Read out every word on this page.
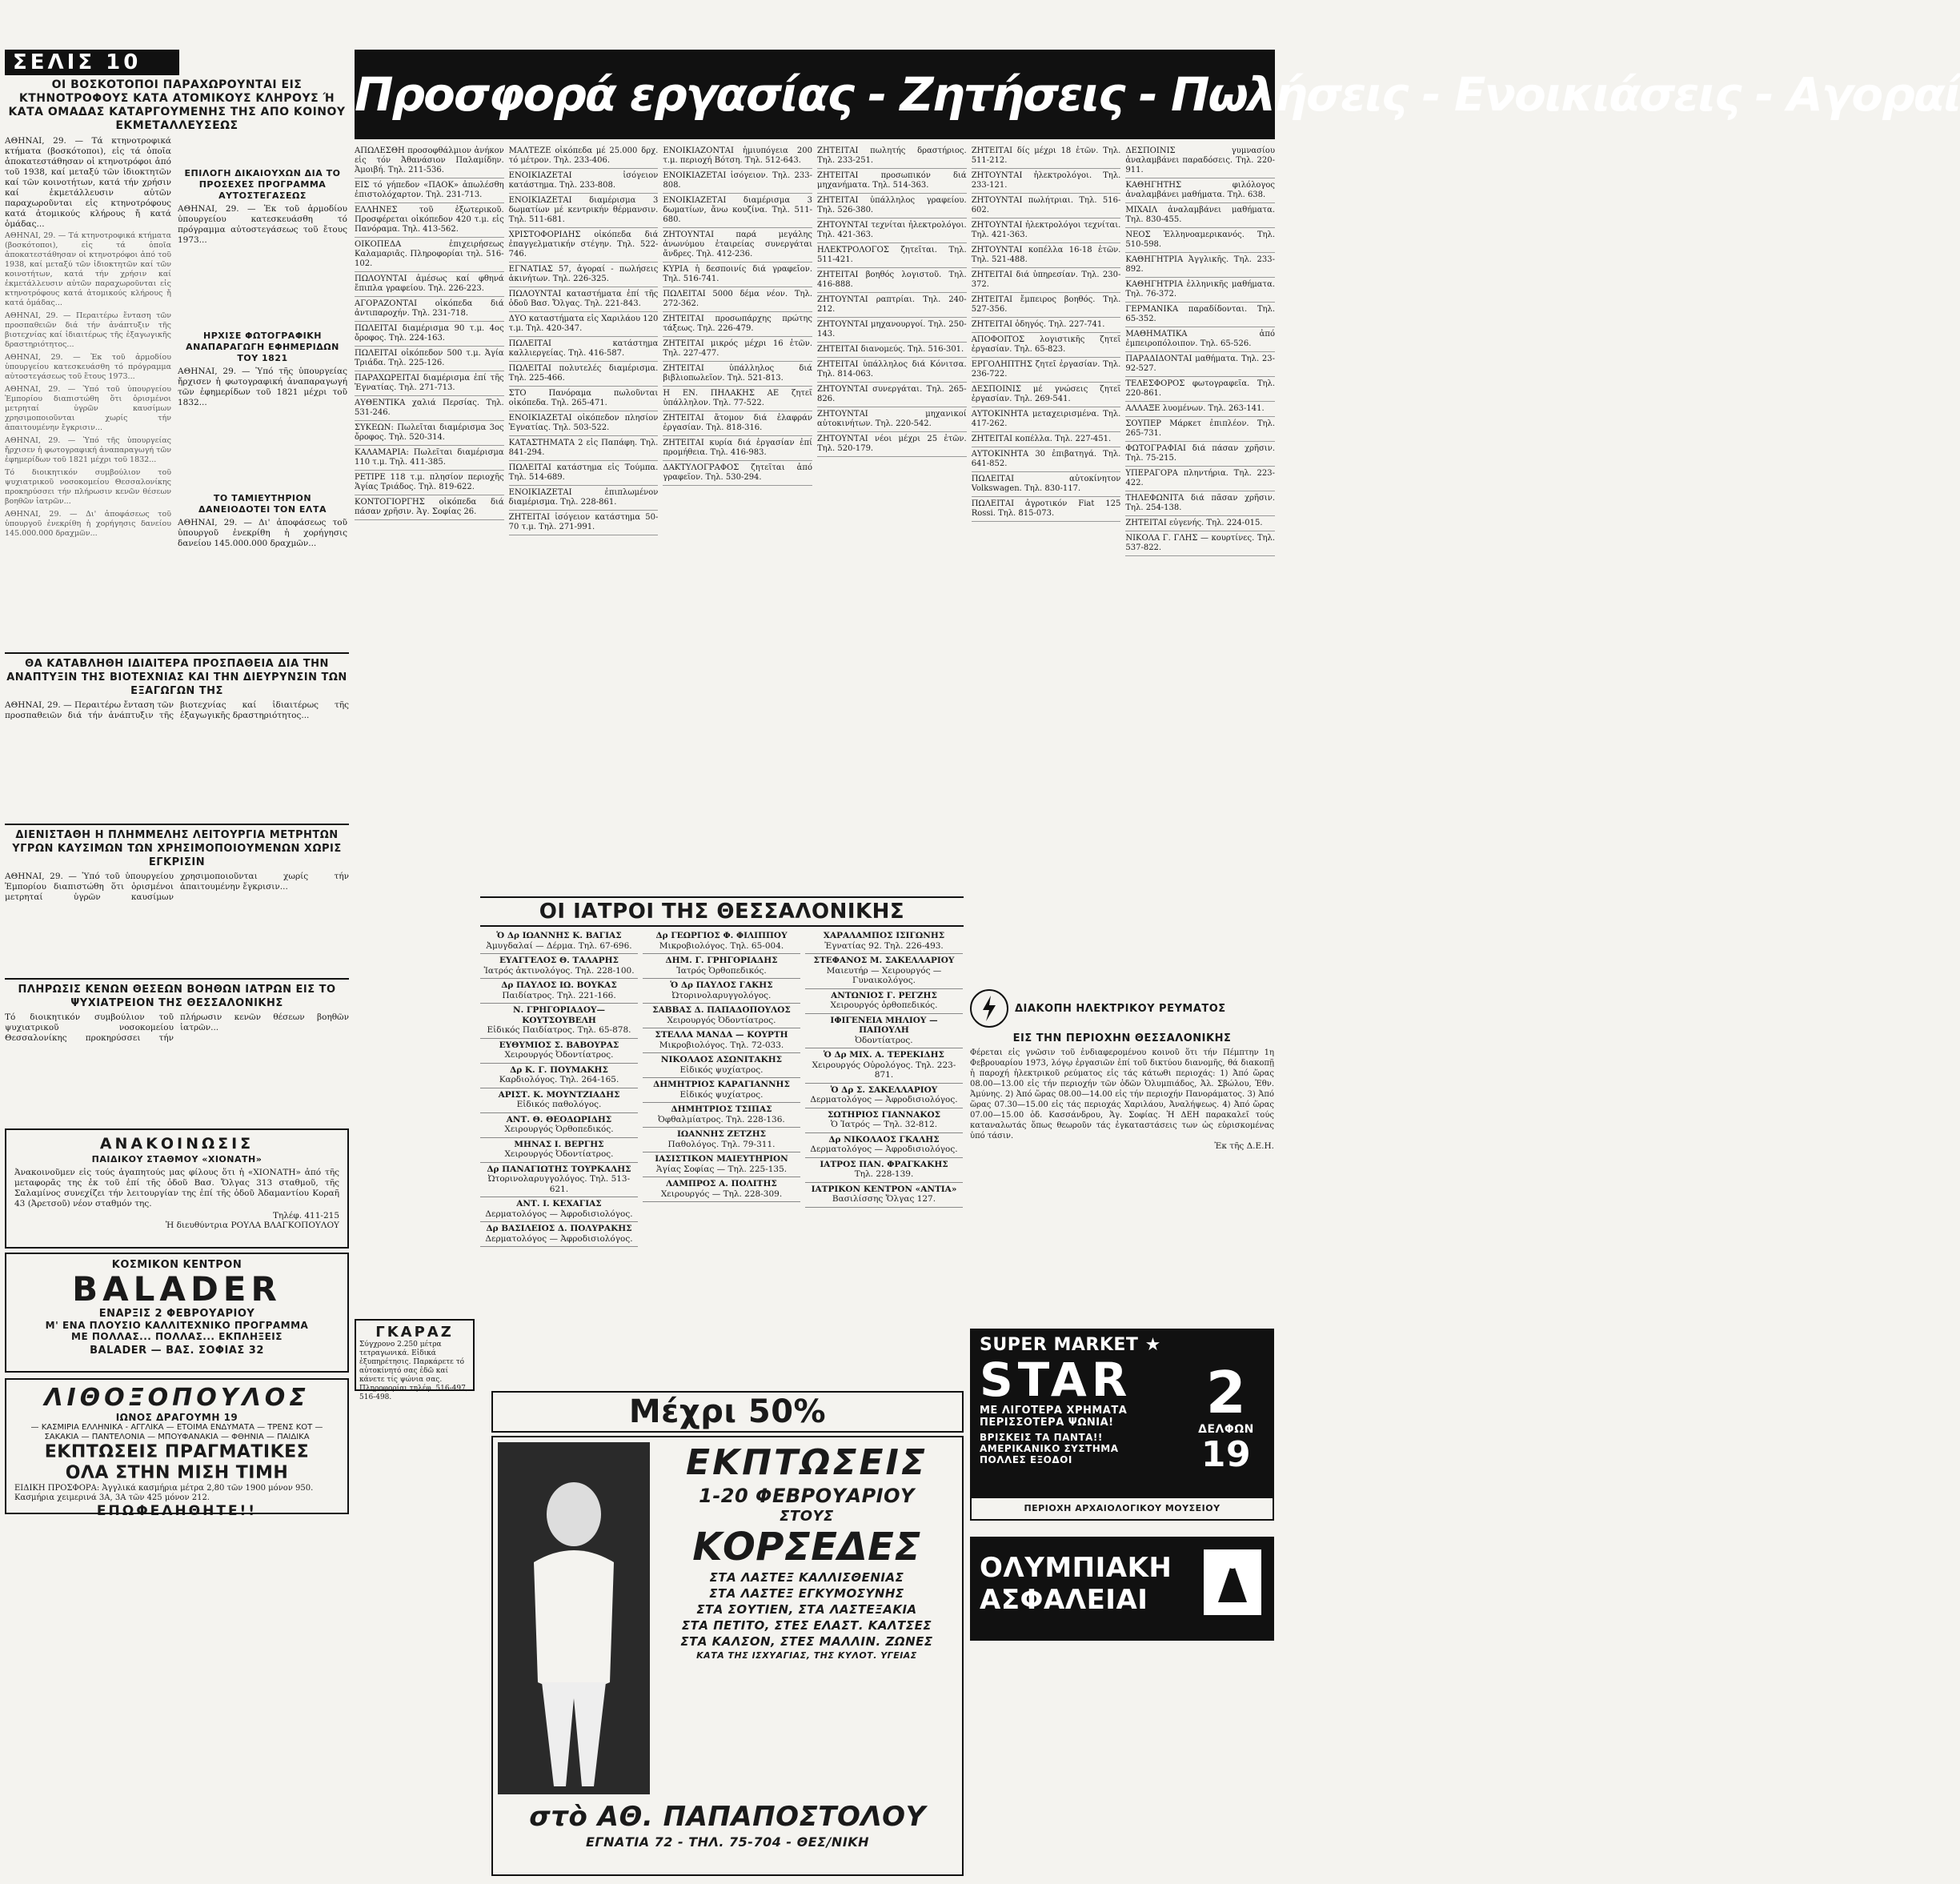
ΣΕΛΙΣ 10
Προσφορά εργασίας - Ζητήσεις - Πωλήσεις - Ενοικιάσεις - Αγοραί
ΟΙ ΒΟΣΚΟΤΟΠΟΙ ΠΑΡΑΧΩΡΟΥΝΤΑΙ ΕΙΣ ΚΤΗΝΟΤΡΟΦΟΥΣ ΚΑΤΑ ΑΤΟΜΙΚΟΥΣ ΚΛΗΡΟΥΣ Ή ΚΑΤΑ ΟΜΑΔΑΣ ΚΑΤΑΡΓΟΥΜΕΝΗΣ ΤΗΣ ΑΠΟ ΚΟΙΝΟΥ ΕΚΜΕΤΑΛΛΕΥΣΕΩΣ
ΑΘΗΝΑΙ, 29. — Τά κτηνοτροφικά κτήματα (βοσκότοποι), εἰς τά ὁποῖα ἀποκατεστάθησαν οἱ κτηνοτρόφοι ἀπό τοῦ 1938, καί μεταξύ τῶν ἰδιοκτητῶν καί τῶν κοινοτήτων, κατά τήν χρήσιν καί ἐκμετάλλευσιν αὐτῶν παραχωροῦνται εἰς κτηνοτρόφους κατά ἀτομικούς κλήρους ἤ κατά ὁμάδας...
ΑΘΗΝΑΙ, 29. — Τά κτηνοτροφικά κτήματα (βοσκότοποι), εἰς τά ὁποῖα ἀποκατεστάθησαν οἱ κτηνοτρόφοι ἀπό τοῦ 1938, καί μεταξύ τῶν ἰδιοκτητῶν καί τῶν κοινοτήτων, κατά τήν χρήσιν καί ἐκμετάλλευσιν αὐτῶν παραχωροῦνται εἰς κτηνοτρόφους κατά ἀτομικούς κλήρους ἤ κατά ὁμάδας...
ΑΘΗΝΑΙ, 29. — Περαιτέρω ἔνταση τῶν προσπαθειῶν διά τήν ἀνάπτυξιν τῆς βιοτεχνίας καί ἰδιαιτέρως τῆς ἐξαγωγικῆς δραστηριότητος...
ΑΘΗΝΑΙ, 29. — Ἐκ τοῦ ἁρμοδίου ὑπουργείου κατεσκευάσθη τό πρόγραμμα αὐτοστεγάσεως τοῦ ἔτους 1973...
ΑΘΗΝΑΙ, 29. — Ὑπό τοῦ ὑπουργείου Ἐμπορίου διαπιστώθη ὅτι ὁρισμένοι μετρηταί ὑγρῶν καυσίμων χρησιμοποιοῦνται χωρίς τήν ἀπαιτουμένην ἔγκρισιν...
ΑΘΗΝΑΙ, 29. — Ὑπό τῆς ὑπουργείας ἤρχισεν ἡ φωτογραφική ἀναπαραγωγή τῶν ἐφημερίδων τοῦ 1821 μέχρι τοῦ 1832...
Τό διοικητικόν συμβούλιον τοῦ ψυχιατρικοῦ νοσοκομείου Θεσσαλονίκης προκηρύσσει τήν πλήρωσιν κενῶν θέσεων βοηθῶν ἰατρῶν...
ΑΘΗΝΑΙ, 29. — Δι' ἀποφάσεως τοῦ ὑπουργοῦ ἐνεκρίθη ἡ χορήγησις δανείου 145.000.000 δραχμῶν...
ΕΠΙΛΟΓΗ ΔΙΚΑΙΟΥΧΩΝ ΔΙΑ ΤΟ ΠΡΟΣΕΧΕΣ ΠΡΟΓΡΑΜΜΑ ΑΥΤΟΣΤΕΓΑΣΕΩΣ
ΑΘΗΝΑΙ, 29. — Ἐκ τοῦ ἁρμοδίου ὑπουργείου κατεσκευάσθη τό πρόγραμμα αὐτοστεγάσεως τοῦ ἔτους 1973...
ΗΡΧΙΣΕ ΦΩΤΟΓΡΑΦΙΚΗ ΑΝΑΠΑΡΑΓΩΓΗ ΕΦΗΜΕΡΙΔΩΝ ΤΟΥ 1821
ΑΘΗΝΑΙ, 29. — Ὑπό τῆς ὑπουργείας ἤρχισεν ἡ φωτογραφική ἀναπαραγωγή τῶν ἐφημερίδων τοῦ 1821 μέχρι τοῦ 1832...
ΤΟ ΤΑΜΙΕΥΤΗΡΙΟΝ ΔΑΝΕΙΟΔΟΤΕΙ ΤΟΝ ΕΛΤΑ
ΑΘΗΝΑΙ, 29. — Δι' ἀποφάσεως τοῦ ὑπουργοῦ ἐνεκρίθη ἡ χορήγησις δανείου 145.000.000 δραχμῶν...
ΘΑ ΚΑΤΑΒΛΗΘΗ ΙΔΙΑΙΤΕΡΑ ΠΡΟΣΠΑΘΕΙΑ ΔΙΑ ΤΗΝ ΑΝΑΠΤΥΞΙΝ ΤΗΣ ΒΙΟΤΕΧΝΙΑΣ ΚΑΙ ΤΗΝ ΔΙΕΥΡΥΝΣΙΝ ΤΩΝ ΕΞΑΓΩΓΩΝ ΤΗΣ
ΑΘΗΝΑΙ, 29. — Περαιτέρω ἔνταση τῶν προσπαθειῶν διά τήν ἀνάπτυξιν τῆς βιοτεχνίας καί ἰδιαιτέρως τῆς ἐξαγωγικῆς δραστηριότητος...
ΔΙΕΝΙΣΤΑΘΗ Η ΠΛΗΜΜΕΛΗΣ ΛΕΙΤΟΥΡΓΙΑ ΜΕΤΡΗΤΩΝ ΥΓΡΩΝ ΚΑΥΣΙΜΩΝ ΤΩΝ ΧΡΗΣΙΜΟΠΟΙΟΥΜΕΝΩΝ ΧΩΡΙΣ ΕΓΚΡΙΣΙΝ
ΑΘΗΝΑΙ, 29. — Ὑπό τοῦ ὑπουργείου Ἐμπορίου διαπιστώθη ὅτι ὁρισμένοι μετρηταί ὑγρῶν καυσίμων χρησιμοποιοῦνται χωρίς τήν ἀπαιτουμένην ἔγκρισιν...
ΠΛΗΡΩΣΙΣ ΚΕΝΩΝ ΘΕΣΕΩΝ ΒΟΗΘΩΝ ΙΑΤΡΩΝ ΕΙΣ ΤΟ ΨΥΧΙΑΤΡΕΙΟΝ ΤΗΣ ΘΕΣΣΑΛΟΝΙΚΗΣ
Τό διοικητικόν συμβούλιον τοῦ ψυχιατρικοῦ νοσοκομείου Θεσσαλονίκης προκηρύσσει τήν πλήρωσιν κενῶν θέσεων βοηθῶν ἰατρῶν...
ΑΝΑΚΟΙΝΩΣΙΣ
ΠΑΙΔΙΚΟΥ ΣΤΑΘΜΟΥ «ΧΙΟΝΑΤΗ»
Ἀνακοινοῦμεν εἰς τούς ἀγαπητούς μας φίλους ὅτι ἡ «ΧΙΟΝΑΤΗ» ἀπό τῆς μεταφορᾶς της ἐκ τοῦ ἐπί τῆς ὁδοῦ Βασ. Ὄλγας 313 σταθμοῦ, τῆς Σαλαμίνος συνεχίζει τήν λειτουργίαν της ἐπί τῆς ὁδοῦ Ἀδαμαντίου Κοραῆ 43 (Ἀρετσοῦ) νέον σταθμόν της.
Τηλέφ. 411-215
Ἡ διευθύντρια ΡΟΥΛΑ ΒΛΑΓΚΟΠΟΥΛΟΥ
ΚΟΣΜΙΚΟΝ ΚΕΝΤΡΟΝ
BALADER
ΕΝΑΡΞΙΣ 2 ΦΕΒΡΟΥΑΡΙΟΥ
Μ' ΕΝΑ ΠΛΟΥΣΙΟ ΚΑΛΛΙΤΕΧΝΙΚΟ ΠΡΟΓΡΑΜΜΑ
ΜΕ ΠΟΛΛΑΣ... ΠΟΛΛΑΣ... ΕΚΠΛΗΞΕΙΣ
BALADER — ΒΑΣ. ΣΟΦΙΑΣ 32
ΛΙΘΟΞΟΠΟΥΛΟΣ
ΙΩΝΟΣ ΔΡΑΓΟΥΜΗ 19
— ΚΑΣΜΙΡΙΑ ΕΛΛΗΝΙΚΑ - ΑΓΓΛΙΚΑ — ΕΤΟΙΜΑ ΕΝΔΥΜΑΤΑ — ΤΡΕΝΣ ΚΟΤ — ΣΑΚΑΚΙΑ — ΠΑΝΤΕΛΟΝΙΑ — ΜΠΟΥΦΑΝΑΚΙΑ — ΦΘΗΝΙΑ — ΠΑΙΔΙΚΑ
ΕΚΠΤΩΣΕΙΣ ΠΡΑΓΜΑΤΙΚΕΣ
ΟΛΑ ΣΤΗΝ ΜΙΣΗ ΤΙΜΗ
ΕΙΔΙΚΗ ΠΡΟΣΦΟΡΑ: Ἀγγλικά κασμήρια μέτρα 2,80 τῶν 1900 μόνον 950. Κασμήρια χειμερινά 3Α, 3Α τῶν 425 μόνον 212.
ΕΠΩΦΕΛΗΘΗΤΕ!!
ΑΠΩΛΕΣΘΗ προσοφθάλμιον ἀνήκον εἰς τόν Ἀθανάσιον Παλαμίδην. Ἀμοιβή. Τηλ. 211-536.
ΕΙΣ τό γήπεδον «ΠΑΟΚ» ἀπωλέσθη ἐπιστολόχαρτον. Τηλ. 231-713.
ΕΛΛΗΝΕΣ τοῦ ἐξωτερικοῦ. Προσφέρεται οἰκόπεδον 420 τ.μ. εἰς Πανόραμα. Τηλ. 413-562.
ΟΙΚΟΠΕΔΑ ἐπιχειρήσεως Καλαμαριᾶς. Πληροφορίαι τηλ. 516-102.
ΠΩΛΟΥΝΤΑΙ ἀμέσως καί φθηνά ἔπιπλα γραφείου. Τηλ. 226-223.
ΑΓΟΡΑΖΟΝΤΑΙ οἰκόπεδα διά ἀντιπαροχήν. Τηλ. 231-718.
ΠΩΛΕΙΤΑΙ διαμέρισμα 90 τ.μ. 4ος ὄροφος. Τηλ. 224-163.
ΠΩΛΕΙΤΑΙ οἰκόπεδον 500 τ.μ. Ἁγία Τριάδα. Τηλ. 225-126.
ΠΑΡΑΧΩΡΕΙΤΑΙ διαμέρισμα ἐπί τῆς Ἐγνατίας. Τηλ. 271-713.
ΑΥΘΕΝΤΙΚΑ χαλιά Περσίας. Τηλ. 531-246.
ΣΥΚΕΩΝ: Πωλεῖται διαμέρισμα 3ος ὄροφος. Τηλ. 520-314.
ΚΑΛΑΜΑΡΙΑ: Πωλεῖται διαμέρισμα 110 τ.μ. Τηλ. 411-385.
ΡΕΤΙΡΕ 118 τ.μ. πλησίον περιοχῆς Ἁγίας Τριάδος. Τηλ. 819-622.
ΚΟΝΤΟΓΙΟΡΓΗΣ οἰκόπεδα διά πάσαν χρῆσιν. Ἁγ. Σοφίας 26.
ΜΑΛΤΕΖΕ οἰκόπεδα μέ 25.000 δρχ. τό μέτρον. Τηλ. 233-406.
ΕΝΟΙΚΙΑΖΕΤΑΙ ἰσόγειον κατάστημα. Τηλ. 233-808.
ΕΝΟΙΚΙΑΖΕΤΑΙ διαμέρισμα 3 δωματίων μέ κεντρικήν θέρμανσιν. Τηλ. 511-681.
ΧΡΙΣΤΟΦΟΡΙΔΗΣ οἰκόπεδα διά ἐπαγγελματικήν στέγην. Τηλ. 522-746.
ΕΓΝΑΤΙΑΣ 57, ἀγοραί - πωλήσεις ἀκινήτων. Τηλ. 226-325.
ΠΩΛΟΥΝΤΑΙ καταστήματα ἐπί τῆς ὁδοῦ Βασ. Ὄλγας. Τηλ. 221-843.
ΔΥΟ καταστήματα εἰς Χαριλάου 120 τ.μ. Τηλ. 420-347.
ΠΩΛΕΙΤΑΙ κατάστημα καλλιεργείας. Τηλ. 416-587.
ΠΩΛΕΙΤΑΙ πολυτελές διαμέρισμα. Τηλ. 225-466.
ΣΤΟ Πανόραμα πωλοῦνται οἰκόπεδα. Τηλ. 265-471.
ΕΝΟΙΚΙΑΖΕΤΑΙ οἰκόπεδον πλησίον Ἐγνατίας. Τηλ. 503-522.
ΚΑΤΑΣΤΗΜΑΤΑ 2 εἰς Παπάφη. Τηλ. 841-294.
ΠΩΛΕΙΤΑΙ κατάστημα εἰς Τούμπα. Τηλ. 514-689.
ΕΝΟΙΚΙΑΖΕΤΑΙ ἐπιπλωμένον διαμέρισμα. Τηλ. 228-861.
ΖΗΤΕΙΤΑΙ ἰσόγειον κατάστημα 50-70 τ.μ. Τηλ. 271-991.
ΕΝΟΙΚΙΑΖΟΝΤΑΙ ἡμιυπόγεια 200 τ.μ. περιοχή Βότση. Τηλ. 512-643.
ΕΝΟΙΚΙΑΖΕΤΑΙ ἰσόγειον. Τηλ. 233-808.
ΕΝΟΙΚΙΑΖΕΤΑΙ διαμέρισμα 3 δωματίων, ἄνω κουζίνα. Τηλ. 511-680.
ΖΗΤΟΥΝΤΑΙ παρά μεγάλης ἀνωνύμου ἐταιρείας συνεργάται ἄνδρες. Τηλ. 412-236.
ΚΥΡΙΑ ἡ δεσποινίς διά γραφεῖον. Τηλ. 516-741.
ΠΩΛΕΙΤΑΙ 5000 δέμα νέον. Τηλ. 272-362.
ΖΗΤΕΙΤΑΙ προσωπάρχης πρώτης τάξεως. Τηλ. 226-479.
ΖΗΤΕΙΤΑΙ μικρός μέχρι 16 ἐτῶν. Τηλ. 227-477.
ΖΗΤΕΙΤΑΙ ὑπάλληλος διά βιβλιοπωλεῖον. Τηλ. 521-813.
Η ΕΝ. ΠΗΛΑΚΗΣ ΑΕ ζητεῖ ὑπάλληλον. Τηλ. 77-522.
ΖΗΤΕΙΤΑΙ ἄτομον διά ἐλαφράν ἐργασίαν. Τηλ. 818-316.
ΖΗΤΕΙΤΑΙ κυρία διά ἐργασίαν ἐπί προμήθεια. Τηλ. 416-983.
ΔΑΚΤΥΛΟΓΡΑΦΟΣ ζητεῖται ἀπό γραφεῖον. Τηλ. 530-294.
ΖΗΤΕΙΤΑΙ πωλητής δραστήριος. Τηλ. 233-251.
ΖΗΤΕΙΤΑΙ προσωπικόν διά μηχανήματα. Τηλ. 514-363.
ΖΗΤΕΙΤΑΙ ὑπάλληλος γραφείου. Τηλ. 526-380.
ΖΗΤΟΥΝΤΑΙ τεχνίται ἠλεκτρολόγοι. Τηλ. 421-363.
ΗΛΕΚΤΡΟΛΟΓΟΣ ζητεῖται. Τηλ. 511-421.
ΖΗΤΕΙΤΑΙ βοηθός λογιστοῦ. Τηλ. 416-888.
ΖΗΤΟΥΝΤΑΙ ραπτρίαι. Τηλ. 240-212.
ΖΗΤΟΥΝΤΑΙ μηχανουργοί. Τηλ. 250-143.
ΖΗΤΕΙΤΑΙ διανομεύς. Τηλ. 516-301.
ΖΗΤΕΙΤΑΙ ὑπάλληλος διά Κόνιτσα. Τηλ. 814-063.
ΖΗΤΟΥΝΤΑΙ συνεργάται. Τηλ. 265-826.
ΖΗΤΟΥΝΤΑΙ μηχανικοί αὐτοκινήτων. Τηλ. 220-542.
ΖΗΤΟΥΝΤΑΙ νέοι μέχρι 25 ἐτῶν. Τηλ. 520-179.
ΖΗΤΕΙΤΑΙ δίς μέχρι 18 ἐτῶν. Τηλ. 511-212.
ΖΗΤΟΥΝΤΑΙ ἠλεκτρολόγοι. Τηλ. 233-121.
ΖΗΤΟΥΝΤΑΙ πωλήτριαι. Τηλ. 516-602.
ΖΗΤΟΥΝΤΑΙ ἠλεκτρολόγοι τεχνίται. Τηλ. 421-363.
ΖΗΤΟΥΝΤΑΙ κοπέλλα 16-18 ἐτῶν. Τηλ. 521-488.
ΖΗΤΕΙΤΑΙ διά ὑπηρεσίαν. Τηλ. 230-372.
ΖΗΤΕΙΤΑΙ ἔμπειρος βοηθός. Τηλ. 527-356.
ΖΗΤΕΙΤΑΙ ὁδηγός. Τηλ. 227-741.
ΑΠΟΦΟΙΤΟΣ λογιστικῆς ζητεῖ ἐργασίαν. Τηλ. 65-823.
ΕΡΓΟΛΗΠΤΗΣ ζητεῖ ἐργασίαν. Τηλ. 236-722.
ΔΕΣΠΟΙΝΙΣ μέ γνώσεις ζητεῖ ἐργασίαν. Τηλ. 269-541.
ΑΥΤΟΚΙΝΗΤΑ μεταχειρισμένα. Τηλ. 417-262.
ΖΗΤΕΙΤΑΙ κοπέλλα. Τηλ. 227-451.
ΑΥΤΟΚΙΝΗΤΑ 30 ἐπιβατηγά. Τηλ. 641-852.
ΠΩΛΕΙΤΑΙ αὐτοκίνητον Volkswagen. Τηλ. 830-117.
ΠΩΛΕΙΤΑΙ ἀγροτικόν Fiat 125 Rossi. Τηλ. 815-073.
ΔΕΣΠΟΙΝΙΣ γυμνασίου ἀναλαμβάνει παραδόσεις. Τηλ. 220-911.
ΚΑΘΗΓΗΤΗΣ φιλόλογος ἀναλαμβάνει μαθήματα. Τηλ. 638.
ΜΙΧΑΙΛ ἀναλαμβάνει μαθήματα. Τηλ. 830-455.
ΝΕΟΣ Ἑλληνοαμερικανός. Τηλ. 510-598.
ΚΑΘΗΓΗΤΡΙΑ Ἀγγλικῆς. Τηλ. 233-892.
ΚΑΘΗΓΗΤΡΙΑ ἑλληνικῆς μαθήματα. Τηλ. 76-372.
ΓΕΡΜΑΝΙΚΑ παραδίδονται. Τηλ. 65-352.
ΜΑΘΗΜΑΤΙΚΑ ἀπό ἐμπειροπόλοιπον. Τηλ. 65-526.
ΠΑΡΑΔΙΔΟΝΤΑΙ μαθήματα. Τηλ. 23-92-527.
ΤΕΛΕΣΦΟΡΟΣ φωτογραφεῖα. Τηλ. 220-861.
ΑΛΛΑΞΕ λυομένων. Τηλ. 263-141.
ΣΟΥΠΕΡ Μάρκετ ἐπιπλέον. Τηλ. 265-731.
ΦΩΤΟΓΡΑΦΙΑΙ διά πάσαν χρῆσιν. Τηλ. 75-215.
ΥΠΕΡΑΓΟΡΑ πληντήρια. Τηλ. 223-422.
ΤΗΛΕΦΩΝΙΤΑ διά πᾶσαν χρῆσιν. Τηλ. 254-138.
ΖΗΤΕΙΤΑΙ εὐγενής. Τηλ. 224-015.
ΝΙΚΟΛΑ Γ. ΓΛΗΣ — κουρτίνες. Τηλ. 537-822.
ΟΙ ΙΑΤΡΟΙ ΤΗΣ ΘΕΣΣΑΛΟΝΙΚΗΣ
Ὁ Δρ ΙΩΑΝΝΗΣ Κ. ΒΑΓΙΑΣ
Ἀμυγδαλαί — Δέρμα. Τηλ. 67-696.
ΕΥΑΓΓΕΛΟΣ Θ. ΤΑΛΑΡΗΣ
Ἰατρός ἀκτινολόγος. Τηλ. 228-100.
Δρ ΠΑΥΛΟΣ ΙΩ. ΒΟΥΚΑΣ
Παιδίατρος. Τηλ. 221-166.
Ν. ΓΡΗΓΟΡΙΑΔΟΥ—ΚΟΥΤΣΟΥΒΕΛΗ
Εἰδικός Παιδίατρος. Τηλ. 65-878.
ΕΥΘΥΜΙΟΣ Σ. ΒΑΒΟΥΡΑΣ
Χειρουργός Ὀδοντίατρος.
Δρ Κ. Γ. ΠΟΥΜΑΚΗΣ
Καρδιολόγος. Τηλ. 264-165.
ΑΡΙΣΤ. Κ. ΜΟΥΝΤΖΙΑΔΗΣ
Εἰδικός παθολόγος.
ΑΝΤ. Θ. ΘΕΟΔΩΡΙΔΗΣ
Χειρουργός Ὀρθοπεδικός.
ΜΗΝΑΣ Ι. ΒΕΡΓΗΣ
Χειρουργός Ὀδοντίατρος.
Δρ ΠΑΝΑΓΙΩΤΗΣ ΤΟΥΡΚΑΛΗΣ
Ὠτορινολαρυγγολόγος. Τηλ. 513-621.
ΑΝΤ. Ι. ΚΕΧΑΓΙΑΣ
Δερματολόγος — Ἀφροδισιολόγος.
Δρ ΒΑΣΙΛΕΙΟΣ Δ. ΠΟΛΥΡΑΚΗΣ
Δερματολόγος — Ἀφροδισιολόγος.
Δρ ΓΕΩΡΓΙΟΣ Φ. ΦΙΛΙΠΠΟΥ
Μικροβιολόγος. Τηλ. 65-004.
ΔΗΜ. Γ. ΓΡΗΓΟΡΙΑΔΗΣ
Ἰατρός Ὀρθοπεδικός.
Ὁ Δρ ΠΑΥΛΟΣ ΓΑΚΗΣ
Ὠτορινολαρυγγολόγος.
ΣΑΒΒΑΣ Δ. ΠΑΠΑΔΟΠΟΥΛΟΣ
Χειρουργός Ὀδοντίατρος.
ΣΤΕΛΛΑ ΜΑΝΔΑ — ΚΟΥΡΤΗ
Μικροβιολόγος. Τηλ. 72-033.
ΝΙΚΟΛΑΟΣ ΑΣΩΝΙΤΑΚΗΣ
Εἰδικός ψυχίατρος.
ΔΗΜΗΤΡΙΟΣ ΚΑΡΑΓΙΑΝΝΗΣ
Εἰδικός ψυχίατρος.
ΔΗΜΗΤΡΙΟΣ ΤΣΙΠΑΣ
Ὀφθαλμίατρος. Τηλ. 228-136.
ΙΩΑΝΝΗΣ ΖΕΤΖΗΣ
Παθολόγος. Τηλ. 79-311.
ΙΑΣΙΣΤΙΚΟΝ ΜΑΙΕΥΤΗΡΙΟΝ
Ἁγίας Σοφίας — Τηλ. 225-135.
ΛΑΜΠΡΟΣ Α. ΠΟΛΙΤΗΣ
Χειρουργός — Τηλ. 228-309.
ΧΑΡΑΛΑΜΠΟΣ ΙΣΙΓΩΝΗΣ
Ἐγνατίας 92. Τηλ. 226-493.
ΣΤΕΦΑΝΟΣ Μ. ΣΑΚΕΛΛΑΡΙΟΥ
Μαιευτήρ — Χειρουργός — Γυναικολόγος.
ΑΝΤΩΝΙΟΣ Γ. ΡΕΓΖΗΣ
Χειρουργός ὀρθοπεδικός.
ΙΦΙΓΕΝΕΙΑ ΜΗΛΙΟΥ — ΠΑΠΟΥΛΗ
Ὀδοντίατρος.
Ὁ Δρ ΜΙΧ. Α. ΤΕΡΕΚΙΔΗΣ
Χειρουργός Οὐρολόγος. Τηλ. 223-871.
Ὁ Δρ Σ. ΣΑΚΕΛΛΑΡΙΟΥ
Δερματολόγος — Ἀφροδισιολόγος.
ΣΩΤΗΡΙΟΣ ΓΙΑΝΝΑΚΟΣ
Ὁ Ἰατρός — Τηλ. 32-812.
Δρ ΝΙΚΟΛΑΟΣ ΓΚΑΛΗΣ
Δερματολόγος — Ἀφροδισιολόγος.
ΙΑΤΡΟΣ ΠΑΝ. ΦΡΑΓΚΑΚΗΣ
Τηλ. 228-139.
ΙΑΤΡΙΚΟΝ ΚΕΝΤΡΟΝ «ΑΝΤΙΑ»
Βασιλίσσης Ὄλγας 127.
ΓΚΑΡΑΖ
Σύγχρονο 2.250 μέτρα τετραγωνικά. Εἰδικά ἐξυπηρέτησις. Παρκάρετε τό αὐτοκίνητό σας ἐδῶ καί κάνετε τίς ψώνια σας. Πληροφορίαι τηλέφ. 516-497, 516-498.
ΔΙΑΚΟΠΗ ΗΛΕΚΤΡΙΚΟΥ ΡΕΥΜΑΤΟΣ
ΕΙΣ ΤΗΝ ΠΕΡΙΟΧΗΝ ΘΕΣΣΑΛΟΝΙΚΗΣ
Φέρεται εἰς γνῶσιν τοῦ ἐνδιαφερομένου κοινοῦ ὅτι τήν Πέμπτην 1η Φεβρουαρίου 1973, λόγῳ ἐργασιῶν ἐπί τοῦ δικτύου διανομῆς, θά διακοπῇ ἡ παροχή ἠλεκτρικοῦ ρεύματος εἰς τάς κάτωθι περιοχάς: 1) Ἀπό ὥρας 08.00—13.00 εἰς τήν περιοχήν τῶν ὁδῶν Ὀλυμπιάδος, Ἀλ. Σβώλου, Ἐθν. Ἀμύνης. 2) Ἀπό ὥρας 08.00—14.00 εἰς τήν περιοχήν Πανοράματος. 3) Ἀπό ὥρας 07.30—15.00 εἰς τάς περιοχάς Χαριλάου, Ἀναλήψεως. 4) Ἀπό ὥρας 07.00—15.00 ὁδ. Κασσάνδρου, Ἁγ. Σοφίας. Ἡ ΔΕΗ παρακαλεῖ τούς καταναλωτάς ὅπως θεωροῦν τάς ἐγκαταστάσεις των ὡς εὑρισκομένας ὑπό τάσιν.
Ἐκ τῆς Δ.Ε.Η.
Μέχρι 50%
ΕΚΠΤΩΣΕΙΣ
1-20 ΦΕΒΡΟΥΑΡΙΟΥ
ΣΤΟΥΣ
ΚΟΡΣΕΔΕΣ
ΣΤΑ ΛΑΣΤΕΞ ΚΑΛΛΙΣΘΕΝΙΑΣ
ΣΤΑ ΛΑΣΤΕΞ ΕΓΚΥΜΟΣΥΝΗΣ
ΣΤΑ ΣΟΥΤΙΕΝ, ΣΤΑ ΛΑΣΤΕΞΑΚΙΑ
ΣΤΑ ΠΕΤΙΤΟ, ΣΤΕΣ ΕΛΑΣΤ. ΚΑΛΤΣΕΣ
ΣΤΑ ΚΑΛΣΟΝ, ΣΤΕΣ ΜΑΛΛΙΝ. ΖΩΝΕΣ
ΚΑΤΑ ΤΗΣ ΙΣΧΥΑΓΙΑΣ, ΤΗΣ ΚΥΛΟΤ. ΥΓΕΙΑΣ
στὸ ΑΘ. ΠΑΠΑΠΟΣΤΟΛΟΥ
ΕΓΝΑΤΙΑ 72 - ΤΗΛ. 75-704 - ΘΕΣ/ΝΙΚΗ
SUPER MARKET ★
STAR
ΜΕ ΛΙΓΟΤΕΡΑ ΧΡΗΜΑΤΑ
ΠΕΡΙΣΣΟΤΕΡΑ ΨΩΝΙΑ!
ΒΡΙΣΚΕΙΣ ΤΑ ΠΑΝΤΑ!!
ΑΜΕΡΙΚΑΝΙΚΟ ΣΥΣΤΗΜΑ
ΠΟΛΛΕΣ ΕΞΟΔΟΙ
2
ΔΕΛΦΩΝ
19
ΠΕΡΙΟΧΗ ΑΡΧΑΙΟΛΟΓΙΚΟΥ ΜΟΥΣΕΙΟΥ
ΟΛΥΜΠΙΑΚΗ
ΑΣΦΑΛΕΙΑΙ
